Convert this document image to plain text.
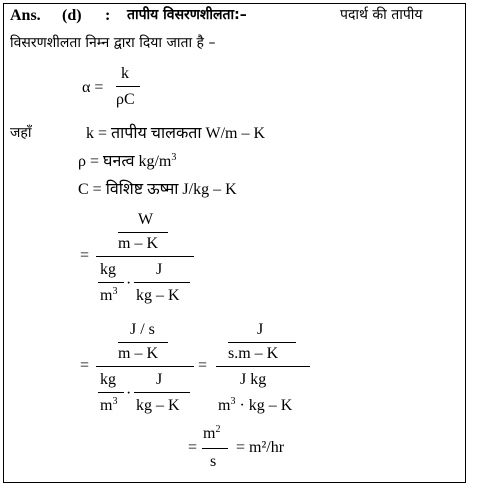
Ans. (d) : तापीय विसरणशीलता:–	पदार्थ की तापीय
विसरणशीलता निम्न द्वारा दिया जाता है –
α =
k
ρC
जहाँ	k = तापीय चालकता W/m – K
ρ = घनत्व $kg/m^3$
C = विशिष्ट ऊष्मा J/kg – K
=
W
m – K
kg
$m^3$ ·
J
kg – K
=
J / s
m – K
kg
$m^3$ ·
J
kg – K
=
J
s.m – K
J kg
$m^3$ · kg – K
=
$m^2$
s
= m²/hr
